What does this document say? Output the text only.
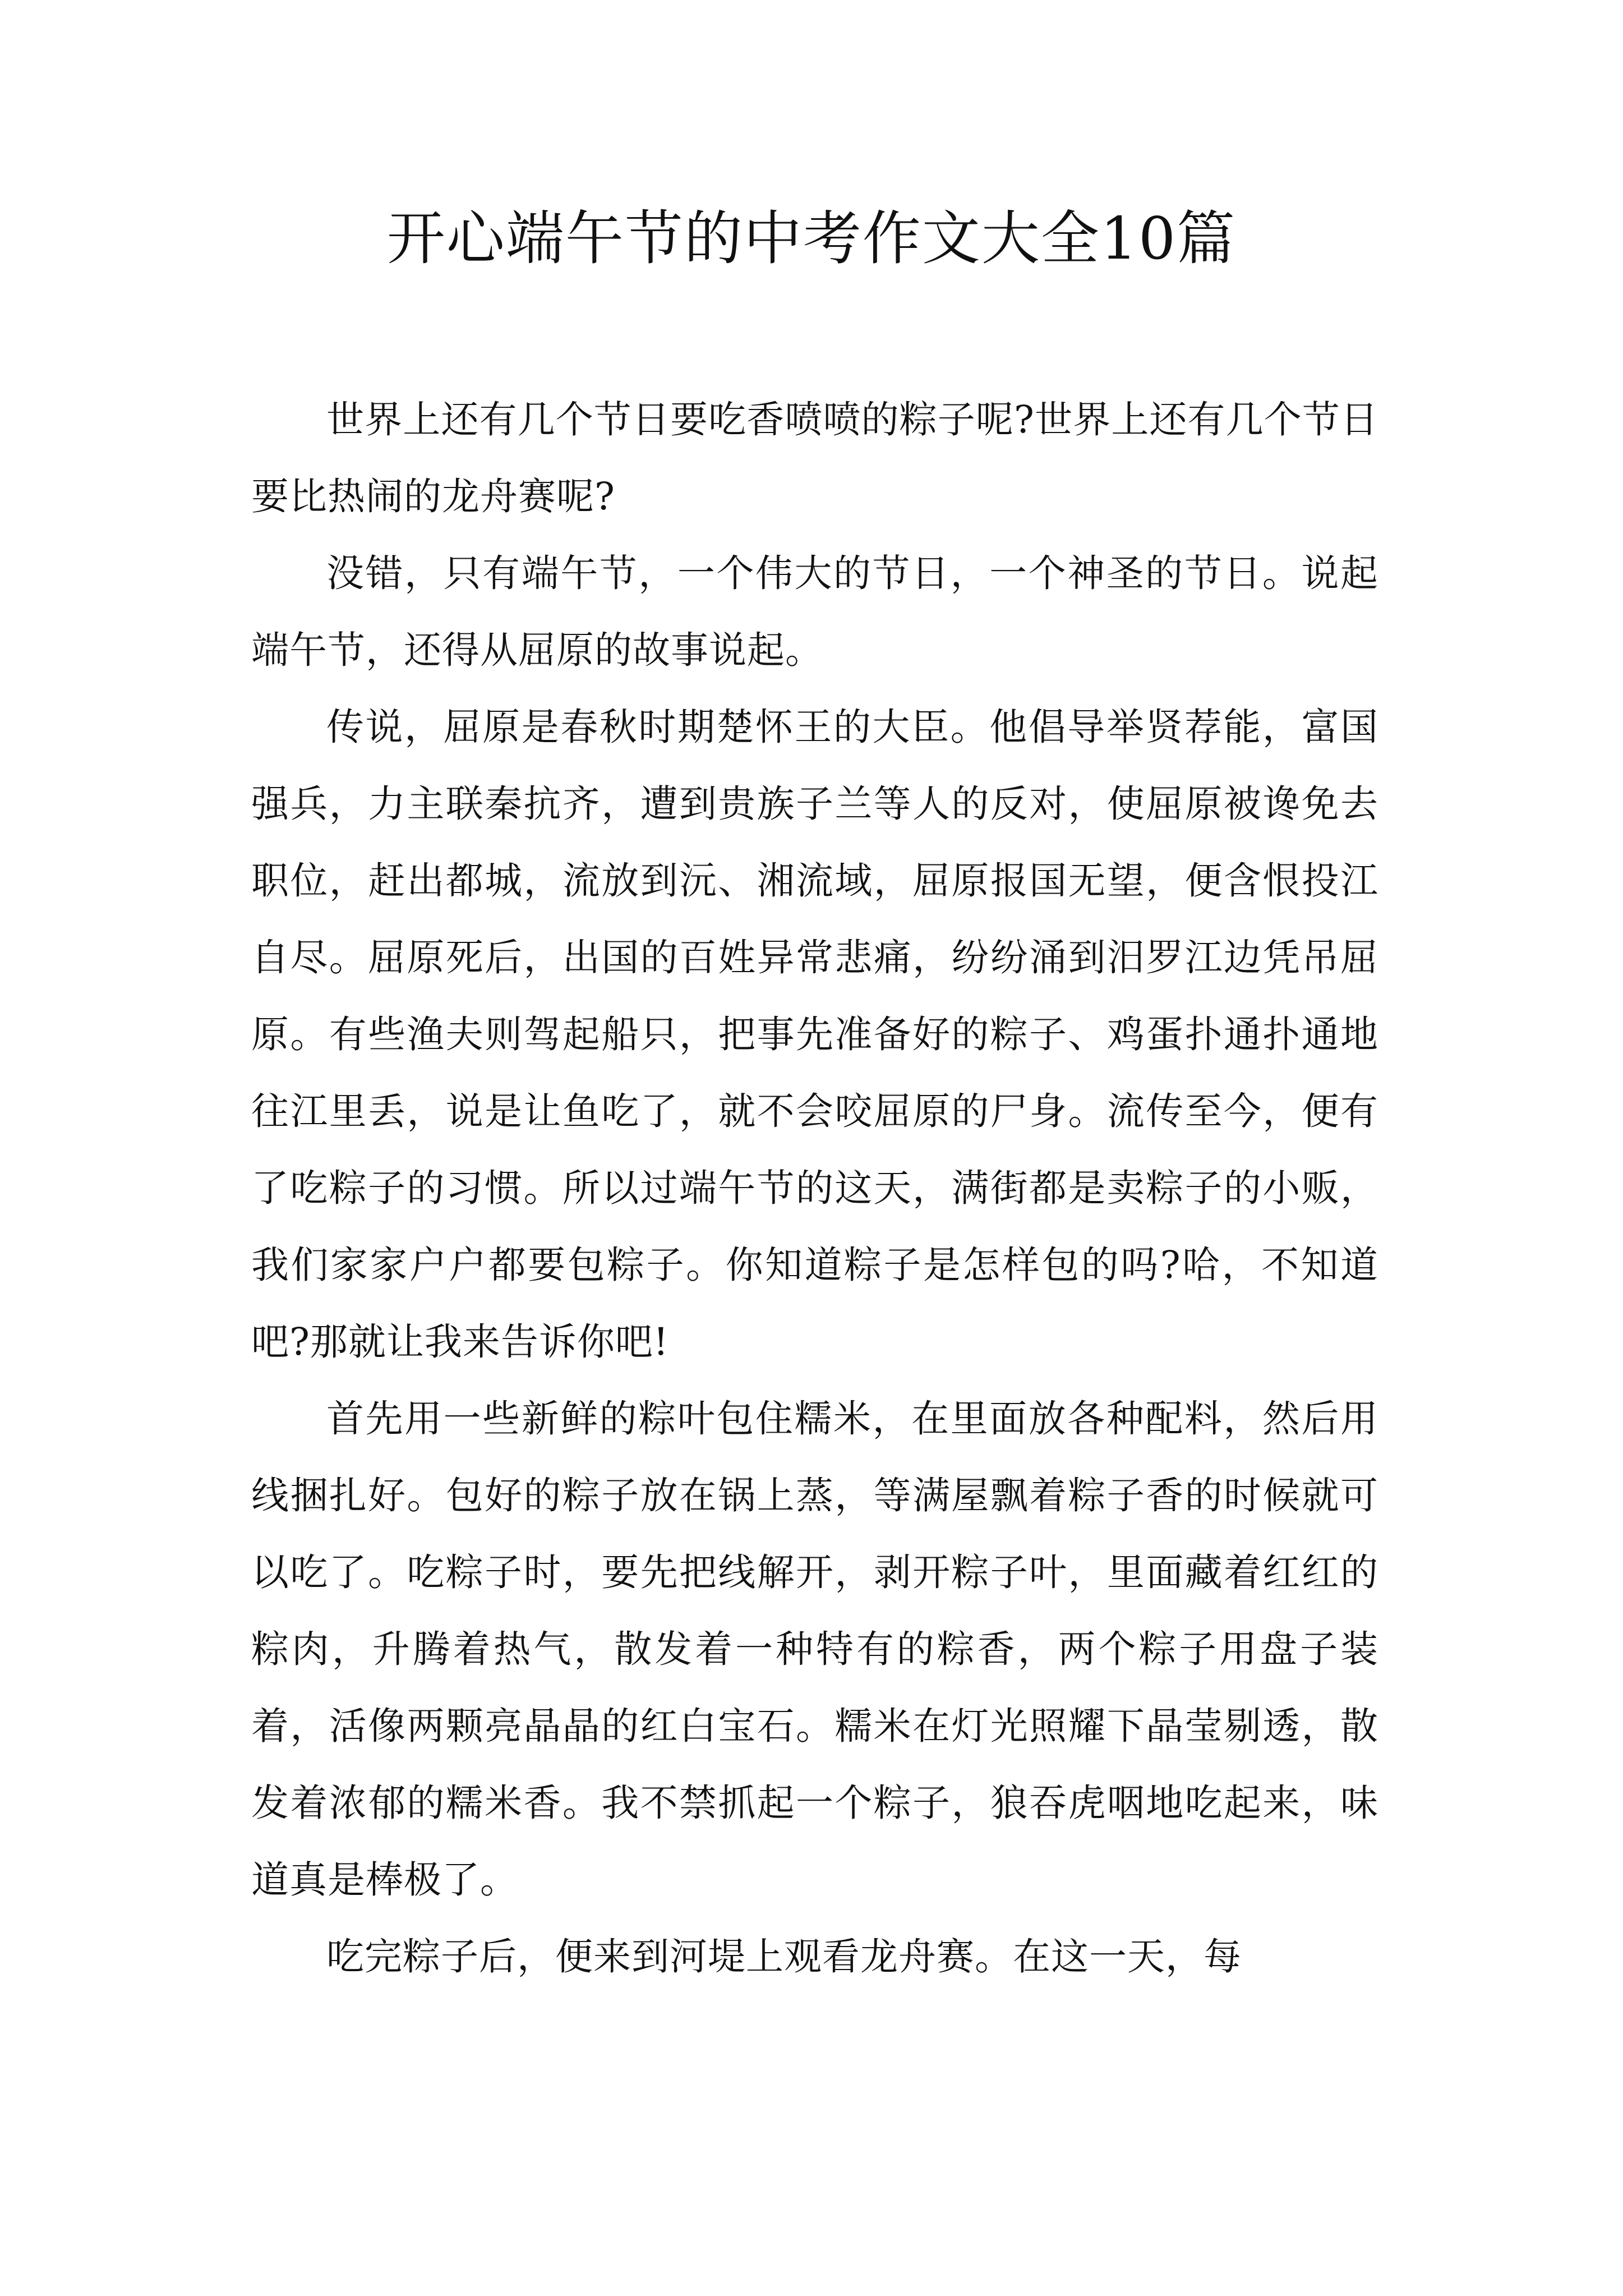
开心端午节的中考作文大全10篇

世界上还有几个节日要吃香喷喷的粽子呢?世界上还有几个节日要比热闹的龙舟赛呢?

没错，只有端午节，一个伟大的节日，一个神圣的节日。说起端午节，还得从屈原的故事说起。

传说，屈原是春秋时期楚怀王的大臣。他倡导举贤荐能，富国强兵，力主联秦抗齐，遭到贵族子兰等人的反对，使屈原被谗免去职位，赶出都城，流放到沅、湘流域，屈原报国无望，便含恨投江自尽。屈原死后，出国的百姓异常悲痛，纷纷涌到汨罗江边凭吊屈原。有些渔夫则驾起船只，把事先准备好的粽子、鸡蛋扑通扑通地往江里丢，说是让鱼吃了，就不会咬屈原的尸身。流传至今，便有了吃粽子的习惯。所以过端午节的这天，满街都是卖粽子的小贩，我们家家户户都要包粽子。你知道粽子是怎样包的吗?哈，不知道吧?那就让我来告诉你吧!

首先用一些新鲜的粽叶包住糯米，在里面放各种配料，然后用线捆扎好。包好的粽子放在锅上蒸，等满屋飘着粽子香的时候就可以吃了。吃粽子时，要先把线解开，剥开粽子叶，里面藏着红红的粽肉，升腾着热气，散发着一种特有的粽香，两个粽子用盘子装着，活像两颗亮晶晶的红白宝石。糯米在灯光照耀下晶莹剔透，散发着浓郁的糯米香。我不禁抓起一个粽子，狼吞虎咽地吃起来，味道真是棒极了。

吃完粽子后，便来到河堤上观看龙舟赛。在这一天，每
